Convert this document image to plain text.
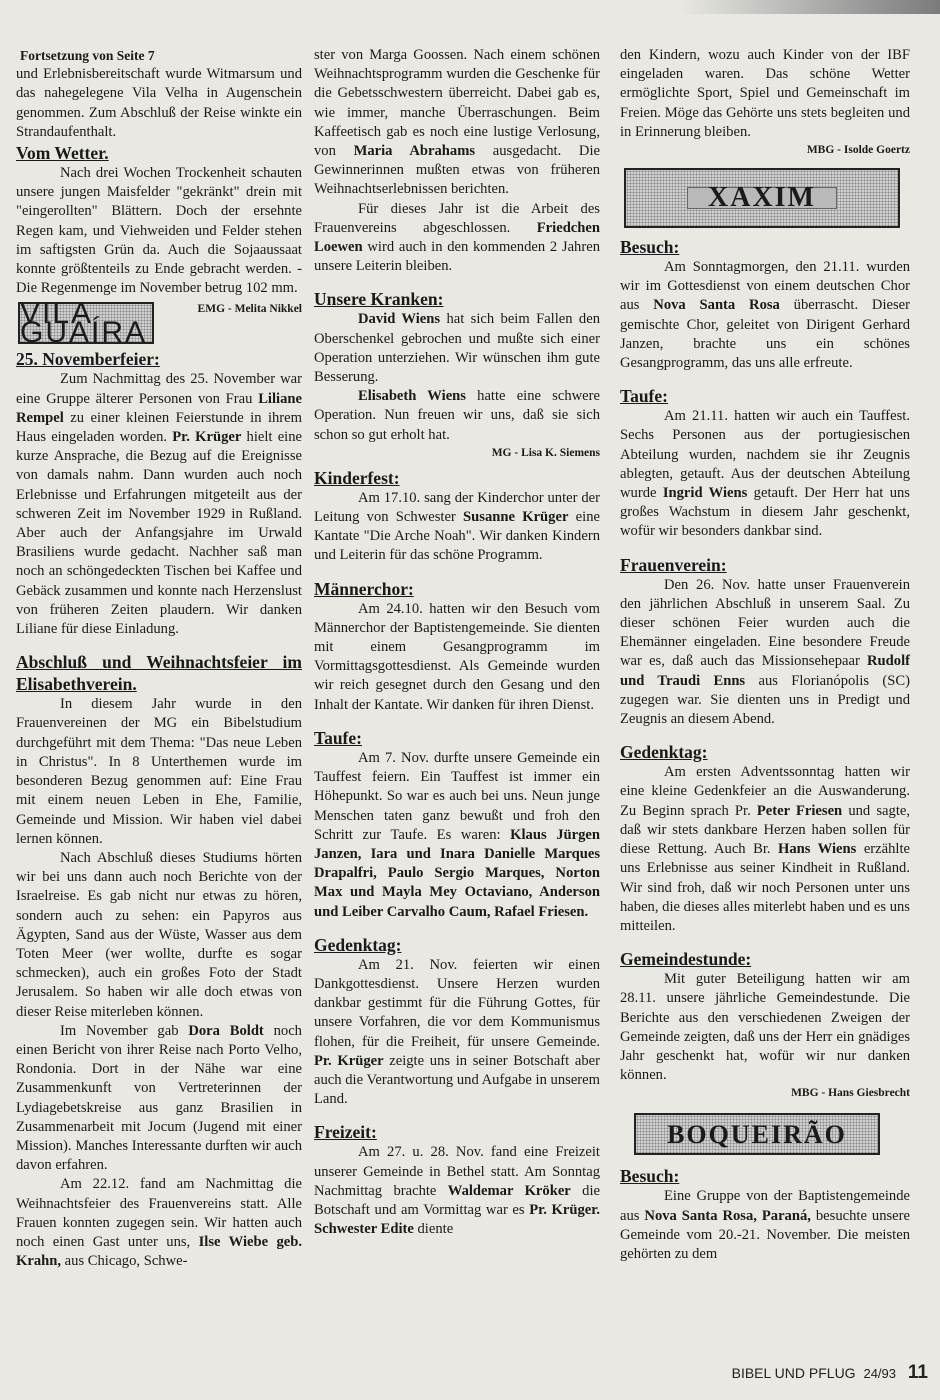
Fortsetzung von Seite 7

und Erlebnisbereitschaft wurde Witmarsum und das nahegelegene Vila Velha in Augenschein genommen. Zum Abschluß der Reise winkte ein Strandaufenthalt.

Vom Wetter.

Nach drei Wochen Trockenheit schauten unsere jungen Maisfelder "gekränkt" drein mit "eingerollten" Blättern. Doch der ersehnte Regen kam, und Viehweiden und Felder stehen im saftigsten Grün da. Auch die Sojaaussaat konnte größtenteils zu Ende gebracht werden. - Die Regenmenge im November betrug 102 mm.
EMG - Melita Nikkel

VILA GUAÍRA
25. Novemberfeier:

Zum Nachmittag des 25. November war eine Gruppe älterer Personen von Frau Liliane Rempel zu einer kleinen Feierstunde in ihrem Haus eingeladen worden. Pr. Krüger hielt eine kurze Ansprache, die Bezug auf die Ereignisse von damals nahm. Dann wurden auch noch Erlebnisse und Erfahrungen mitgeteilt aus der schweren Zeit im November 1929 in Rußland. Aber auch der Anfangsjahre im Urwald Brasiliens wurde gedacht. Nachher saß man noch an schöngedeckten Tischen bei Kaffee und Gebäck zusammen und konnte nach Herzenslust von früheren Zeiten plaudern. Wir danken Liliane für diese Einladung.

Abschluß und Weihnachtsfeier im Elisabethverein.

In diesem Jahr wurde in den Frauenvereinen der MG ein Bibelstudium durchgeführt mit dem Thema: "Das neue Leben in Christus". In 8 Unterthemen wurde im besonderen Bezug genommen auf: Eine Frau mit einem neuen Leben in Ehe, Familie, Gemeinde und Mission. Wir haben viel dabei lernen können.

Nach Abschluß dieses Studiums hörten wir bei uns dann auch noch Berichte von der Israelreise. Es gab nicht nur etwas zu hören, sondern auch zu sehen: ein Papyros aus Ägypten, Sand aus der Wüste, Wasser aus dem Toten Meer (wer wollte, durfte es sogar schmecken), auch ein großes Foto der Stadt Jerusalem. So haben wir alle doch etwas von dieser Reise miterleben können.

Im November gab Dora Boldt noch einen Bericht von ihrer Reise nach Porto Velho, Rondonia. Dort in der Nähe war eine Zusammenkunft von Vertreterinnen der Lydiagebetskreise aus ganz Brasilien in Zusammenarbeit mit Jocum (Jugend mit einer Mission). Manches Interessante durften wir auch davon erfahren.

Am 22.12. fand am Nachmittag die Weihnachtsfeier des Frauenvereins statt. Alle Frauen konnten zugegen sein. Wir hatten auch noch einen Gast unter uns, Ilse Wiebe geb. Krahn, aus Chicago, Schwe-

ster von Marga Goossen. Nach einem schönen Weihnachtsprogramm wurden die Geschenke für die Gebetsschwestern überreicht. Dabei gab es, wie immer, manche Überraschungen. Beim Kaffeetisch gab es noch eine lustige Verlosung, von Maria Abrahams ausgedacht. Die Gewinnerinnen mußten etwas von früheren Weihnachtserlebnissen berichten.

Für dieses Jahr ist die Arbeit des Frauenvereins abgeschlossen. Friedchen Loewen wird auch in den kommenden 2 Jahren unsere Leiterin bleiben.

Unsere Kranken:

David Wiens hat sich beim Fallen den Oberschenkel gebrochen und mußte sich einer Operation unterziehen. Wir wünschen ihm gute Besserung.

Elisabeth Wiens hatte eine schwere Operation. Nun freuen wir uns, daß sie sich schon so gut erholt hat.

MG - Lisa K. Siemens
Kinderfest:

Am 17.10. sang der Kinderchor unter der Leitung von Schwester Susanne Krüger eine Kantate "Die Arche Noah". Wir danken Kindern und Leiterin für das schöne Programm.

Männerchor:

Am 24.10. hatten wir den Besuch vom Männerchor der Baptistengemeinde. Sie dienten mit einem Gesangprogramm im Vormittagsgottesdienst. Als Gemeinde wurden wir reich gesegnet durch den Gesang und den Inhalt der Kantate. Wir danken für ihren Dienst.

Taufe:

Am 7. Nov. durfte unsere Gemeinde ein Tauffest feiern. Ein Tauffest ist immer ein Höhepunkt. So war es auch bei uns. Neun junge Menschen taten ganz bewußt und froh den Schritt zur Taufe. Es waren: Klaus Jürgen Janzen, Iara und Inara Danielle Marques Drapalfri, Paulo Sergio Marques, Norton Max und Mayla Mey Octaviano, Anderson und Leiber Carvalho Caum, Rafael Friesen.

Gedenktag:

Am 21. Nov. feierten wir einen Dankgottesdienst. Unsere Herzen wurden dankbar gestimmt für die Führung Gottes, für unsere Vorfahren, die vor dem Kommunismus flohen, für die Freiheit, für unsere Gemeinde. Pr. Krüger zeigte uns in seiner Botschaft aber auch die Verantwortung und Aufgabe in unserem Land.

Freizeit:

Am 27. u. 28. Nov. fand eine Freizeit unserer Gemeinde in Bethel statt. Am Sonntag Nachmittag brachte Waldemar Kröker die Botschaft und am Vormittag war es Pr. Krüger. Schwester Edite diente

den Kindern, wozu auch Kinder von der IBF eingeladen waren. Das schöne Wetter ermöglichte Sport, Spiel und Gemeinschaft im Freien. Möge das Gehörte uns stets begleiten und in Erinnerung bleiben.

MBG - Isolde Goertz
XAXIM
Besuch:

Am Sonntagmorgen, den 21.11. wurden wir im Gottesdienst von einem deutschen Chor aus Nova Santa Rosa überrascht. Dieser gemischte Chor, geleitet von Dirigent Gerhard Janzen, brachte uns ein schönes Gesangprogramm, das uns alle erfreute.

Taufe:

Am 21.11. hatten wir auch ein Tauffest. Sechs Personen aus der portugiesischen Abteilung wurden, nachdem sie ihr Zeugnis ablegten, getauft. Aus der deutschen Abteilung wurde Ingrid Wiens getauft. Der Herr hat uns großes Wachstum in diesem Jahr geschenkt, wofür wir besonders dankbar sind.

Frauenverein:

Den 26. Nov. hatte unser Frauenverein den jährlichen Abschluß in unserem Saal. Zu dieser schönen Feier wurden auch die Ehemänner eingeladen. Eine besondere Freude war es, daß auch das Missionsehepaar Rudolf und Traudi Enns aus Florianópolis (SC) zugegen war. Sie dienten uns in Predigt und Zeugnis an diesem Abend.

Gedenktag:

Am ersten Adventssonntag hatten wir eine kleine Gedenkfeier an die Auswanderung. Zu Beginn sprach Pr. Peter Friesen und sagte, daß wir stets dankbare Herzen haben sollen für diese Rettung. Auch Br. Hans Wiens erzählte uns Erlebnisse aus seiner Kindheit in Rußland. Wir sind froh, daß wir noch Personen unter uns haben, die dieses alles miterlebt haben und es uns mitteilen.

Gemeindestunde:

Mit guter Beteiligung hatten wir am 28.11. unsere jährliche Gemeindestunde. Die Berichte aus den verschiedenen Zweigen der Gemeinde zeigten, daß uns der Herr ein gnädiges Jahr geschenkt hat, wofür wir nur danken können.

MBG - Hans Giesbrecht
BOQUEIRÃO
Besuch:

Eine Gruppe von der Baptistengemeinde aus Nova Santa Rosa, Paraná, besuchte unsere Gemeinde vom 20.-21. November. Die meisten gehörten zu dem

BIBEL UND PFLUG 24/93 11
